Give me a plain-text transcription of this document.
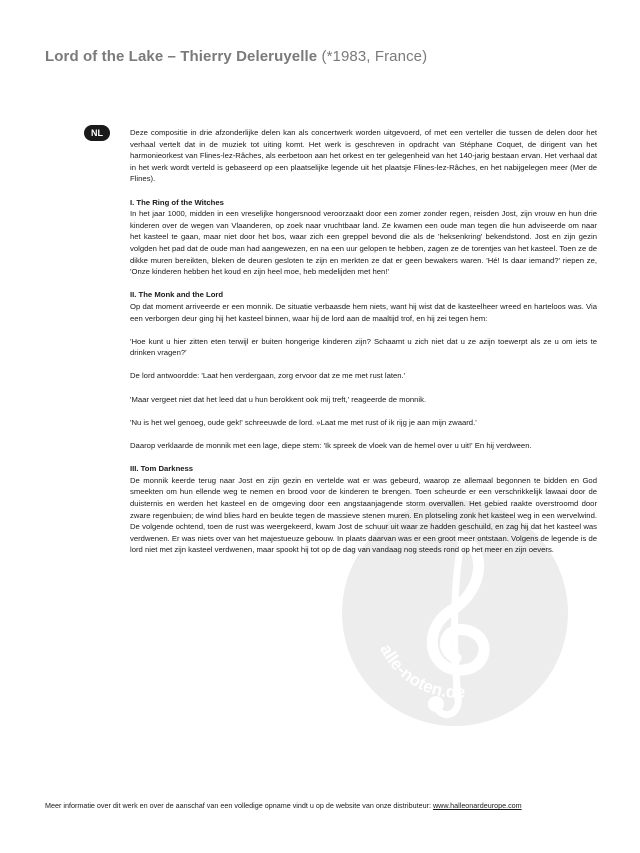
Lord of the Lake – Thierry Deleruyelle (*1983, France)
NL
alle-noten.de

Deze compositie in drie afzonderlijke delen kan als concertwerk worden uitgevoerd, of met een verteller die tussen de delen door het verhaal vertelt dat in de muziek tot uiting komt. Het werk is geschreven in opdracht van Stéphane Coquet, de dirigent van het harmonieorkest van Flines-lez-Râches, als eerbetoon aan het orkest en ter gelegenheid van het 140-jarig bestaan ervan. Het verhaal dat in het werk wordt verteld is gebaseerd op een plaatselijke legende uit het plaatsje Flines-lez-Râches, en het nabijgelegen meer (Mer de Flines).

I. The Ring of the Witches

In het jaar 1000, midden in een vreselijke hongersnood veroorzaakt door een zomer zonder regen, reisden Jost, zijn vrouw en hun drie kinderen over de wegen van Vlaanderen, op zoek naar vruchtbaar land. Ze kwamen een oude man tegen die hun adviseerde om naar het kasteel te gaan, maar niet door het bos, waar zich een greppel bevond die als de 'heksenkring' bekendstond. Jost en zijn gezin volgden het pad dat de oude man had aangewezen, en na een uur gelopen te hebben, zagen ze de torentjes van het kasteel. Toen ze de dikke muren bereikten, bleken de deuren gesloten te zijn en merkten ze dat er geen bewakers waren. 'Hé! Is daar iemand?' riepen ze, 'Onze kinderen hebben het koud en zijn heel moe, heb medelijden met hen!'

II. The Monk and the Lord

Op dat moment arriveerde er een monnik. De situatie verbaasde hem niets, want hij wist dat de kasteelheer wreed en harteloos was. Via een verborgen deur ging hij het kasteel binnen, waar hij de lord aan de maaltijd trof, en hij zei tegen hem:

'Hoe kunt u hier zitten eten terwijl er buiten hongerige kinderen zijn? Schaamt u zich niet dat u ze azijn toewerpt als ze u om iets te drinken vragen?'

De lord antwoordde: 'Laat hen verdergaan, zorg ervoor dat ze me met rust laten.'

'Maar vergeet niet dat het leed dat u hun berokkent ook mij treft,' reageerde de monnik.

'Nu is het wel genoeg, oude gek!' schreeuwde de lord. »Laat me met rust of ik rijg je aan mijn zwaard.'

Daarop verklaarde de monnik met een lage, diepe stem: 'Ik spreek de vloek van de hemel over u uit!' En hij verdween.

III. Tom Darkness

De monnik keerde terug naar Jost en zijn gezin en vertelde wat er was gebeurd, waarop ze allemaal begonnen te bidden en God smeekten om hun ellende weg te nemen en brood voor de kinderen te brengen. Toen scheurde er een verschrikkelijk lawaai door de duisternis en werden het kasteel en de omgeving door een angstaanjagende storm overvallen. Het gebied raakte overstroomd door zware regenbuien; de wind blies hard en beukte tegen de massieve stenen muren. En plotseling zonk het kasteel weg in een wervelwind. De volgende ochtend, toen de rust was weergekeerd, kwam Jost de schuur uit waar ze hadden geschuild, en zag hij dat het kasteel was verdwenen. Er was niets over van het majestueuze gebouw. In plaats daarvan was er een groot meer ontstaan. Volgens de legende is de lord niet met zijn kasteel verdwenen, maar spookt hij tot op de dag van vandaag nog steeds rond op het meer en zijn oevers.

Meer informatie over dit werk en over de aanschaf van een volledige opname vindt u op de website van onze distributeur: www.halleonardeurope.com
